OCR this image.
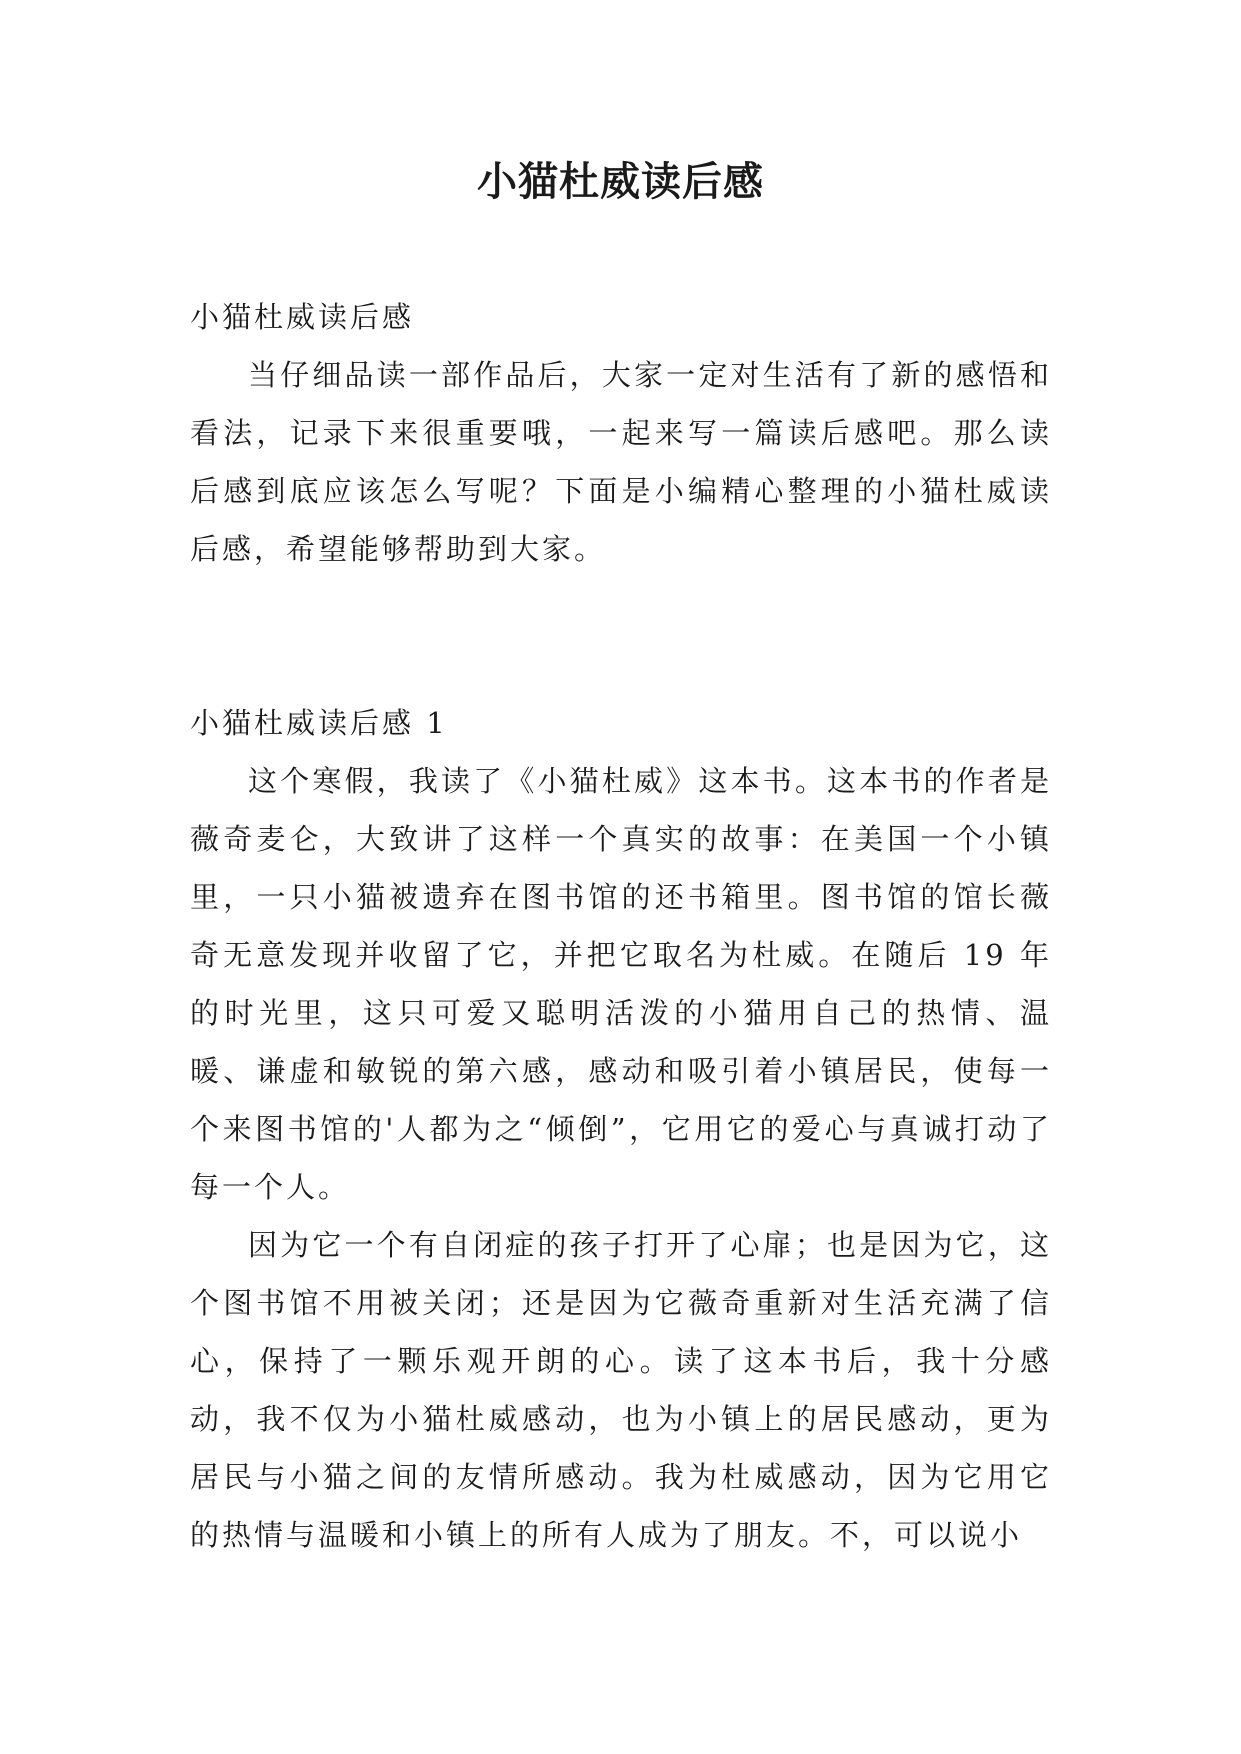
小猫杜威读后感

小猫杜威读后感

当仔细品读一部作品后，大家一定对生活有了新的感悟和看法，记录下来很重要哦，一起来写一篇读后感吧。那么读后感到底应该怎么写呢？下面是小编精心整理的小猫杜威读后感，希望能够帮助到大家。

小猫杜威读后感 1

这个寒假，我读了《小猫杜威》这本书。这本书的作者是薇奇麦仑，大致讲了这样一个真实的故事：在美国一个小镇里，一只小猫被遗弃在图书馆的还书箱里。图书馆的馆长薇奇无意发现并收留了它，并把它取名为杜威。在随后 19 年的时光里，这只可爱又聪明活泼的小猫用自己的热情、温暖、谦虚和敏锐的第六感，感动和吸引着小镇居民，使每一个来图书馆的'人都为之“倾倒”，它用它的爱心与真诚打动了每一个人。

因为它一个有自闭症的孩子打开了心扉；也是因为它，这个图书馆不用被关闭；还是因为它薇奇重新对生活充满了信心，保持了一颗乐观开朗的心。读了这本书后，我十分感动，我不仅为小猫杜威感动，也为小镇上的居民感动，更为居民与小猫之间的友情所感动。我为杜威感动，因为它用它的热情与温暖和小镇上的所有人成为了朋友。不，可以说小
